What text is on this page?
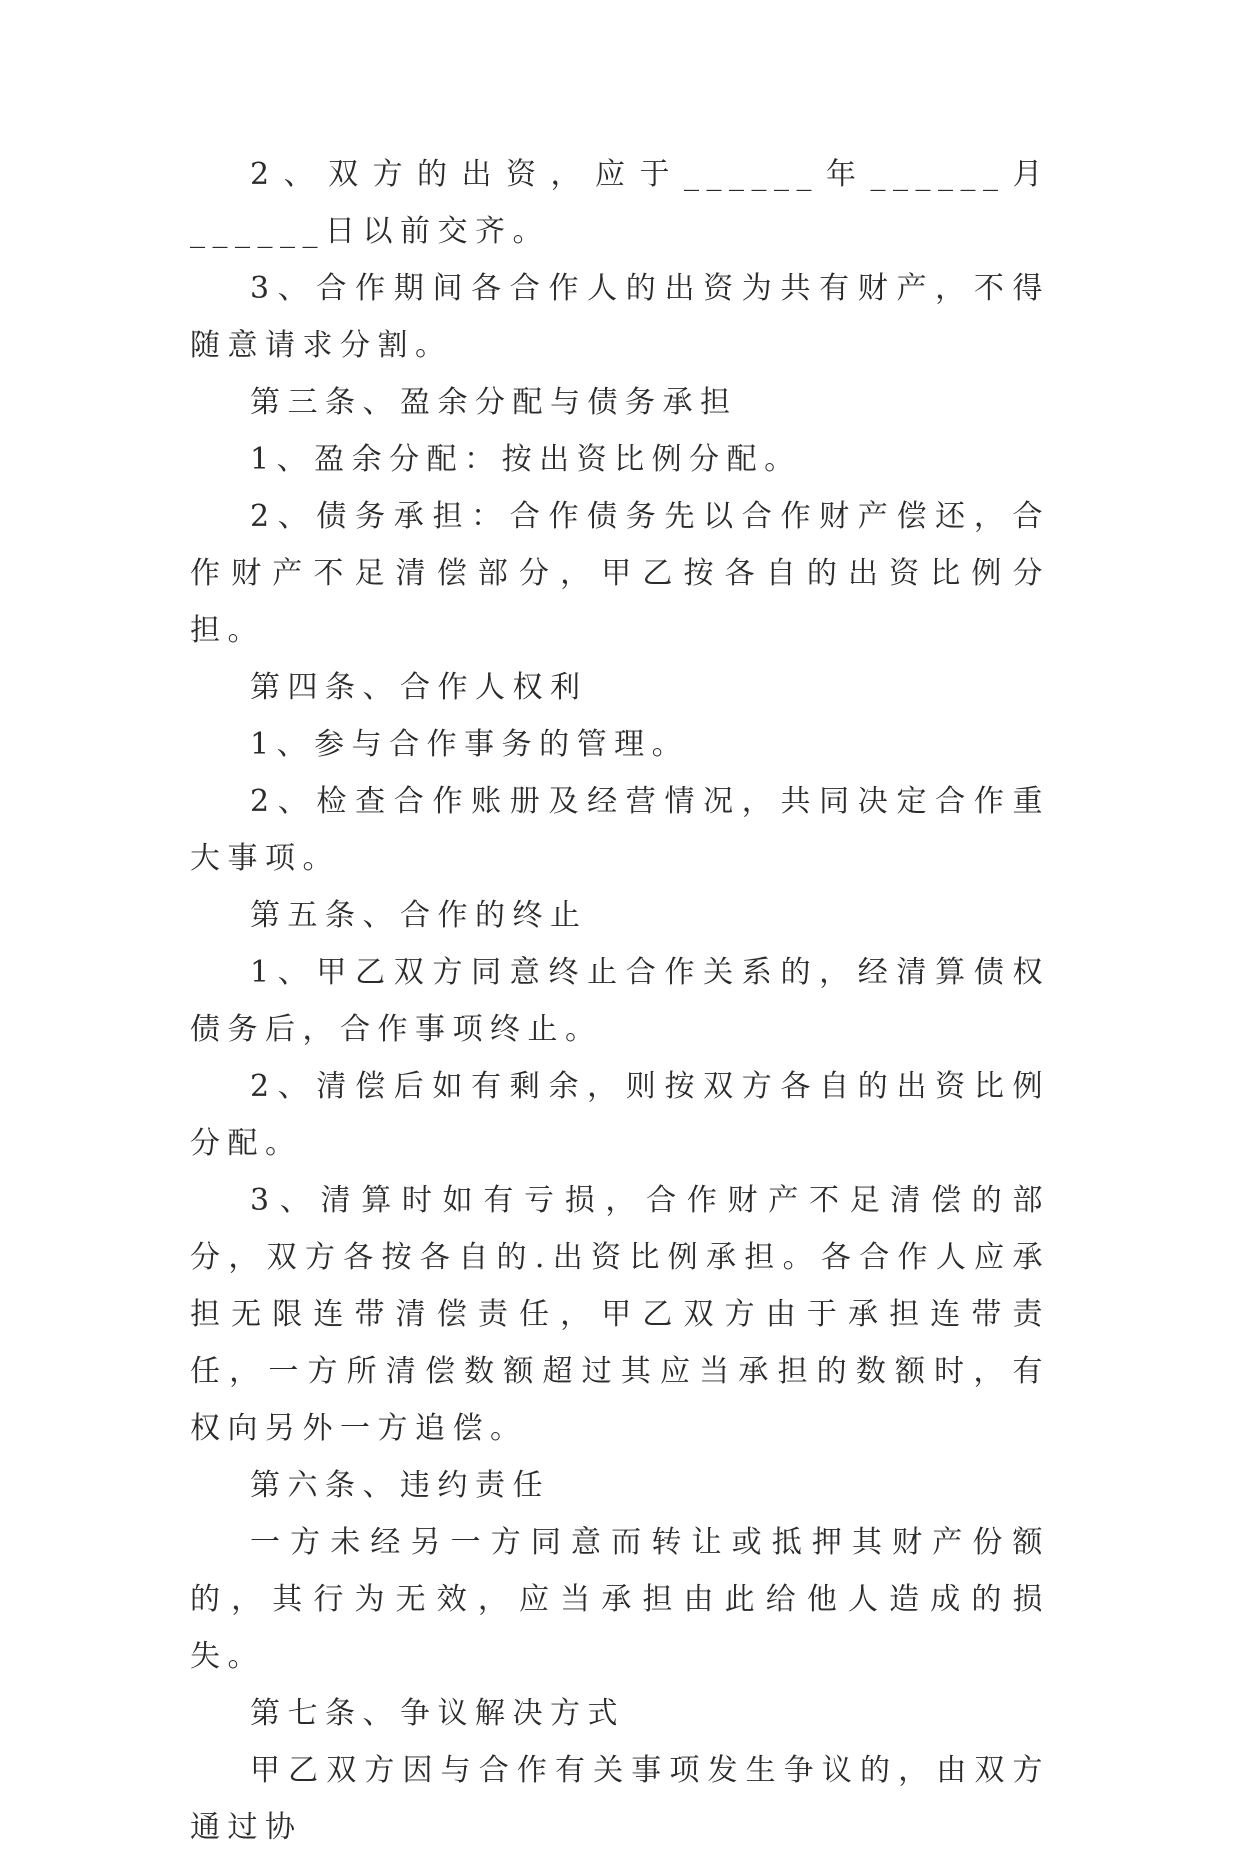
2、双方的出资，应于______年______月______日以前交齐。

3、合作期间各合作人的出资为共有财产，不得随意请求分割。

第三条、盈余分配与债务承担

1、盈余分配：按出资比例分配。

2、债务承担：合作债务先以合作财产偿还，合作财产不足清偿部分，甲乙按各自的出资比例分担。

第四条、合作人权利

1、参与合作事务的管理。

2、检查合作账册及经营情况，共同决定合作重大事项。

第五条、合作的终止

1、甲乙双方同意终止合作关系的，经清算债权债务后，合作事项终止。

2、清偿后如有剩余，则按双方各自的出资比例分配。

3、清算时如有亏损，合作财产不足清偿的部分，双方各按各自的.出资比例承担。各合作人应承担无限连带清偿责任，甲乙双方由于承担连带责任，一方所清偿数额超过其应当承担的数额时，有权向另外一方追偿。

第六条、违约责任

一方未经另一方同意而转让或抵押其财产份额的，其行为无效，应当承担由此给他人造成的损失。

第七条、争议解决方式

甲乙双方因与合作有关事项发生争议的，由双方通过协
